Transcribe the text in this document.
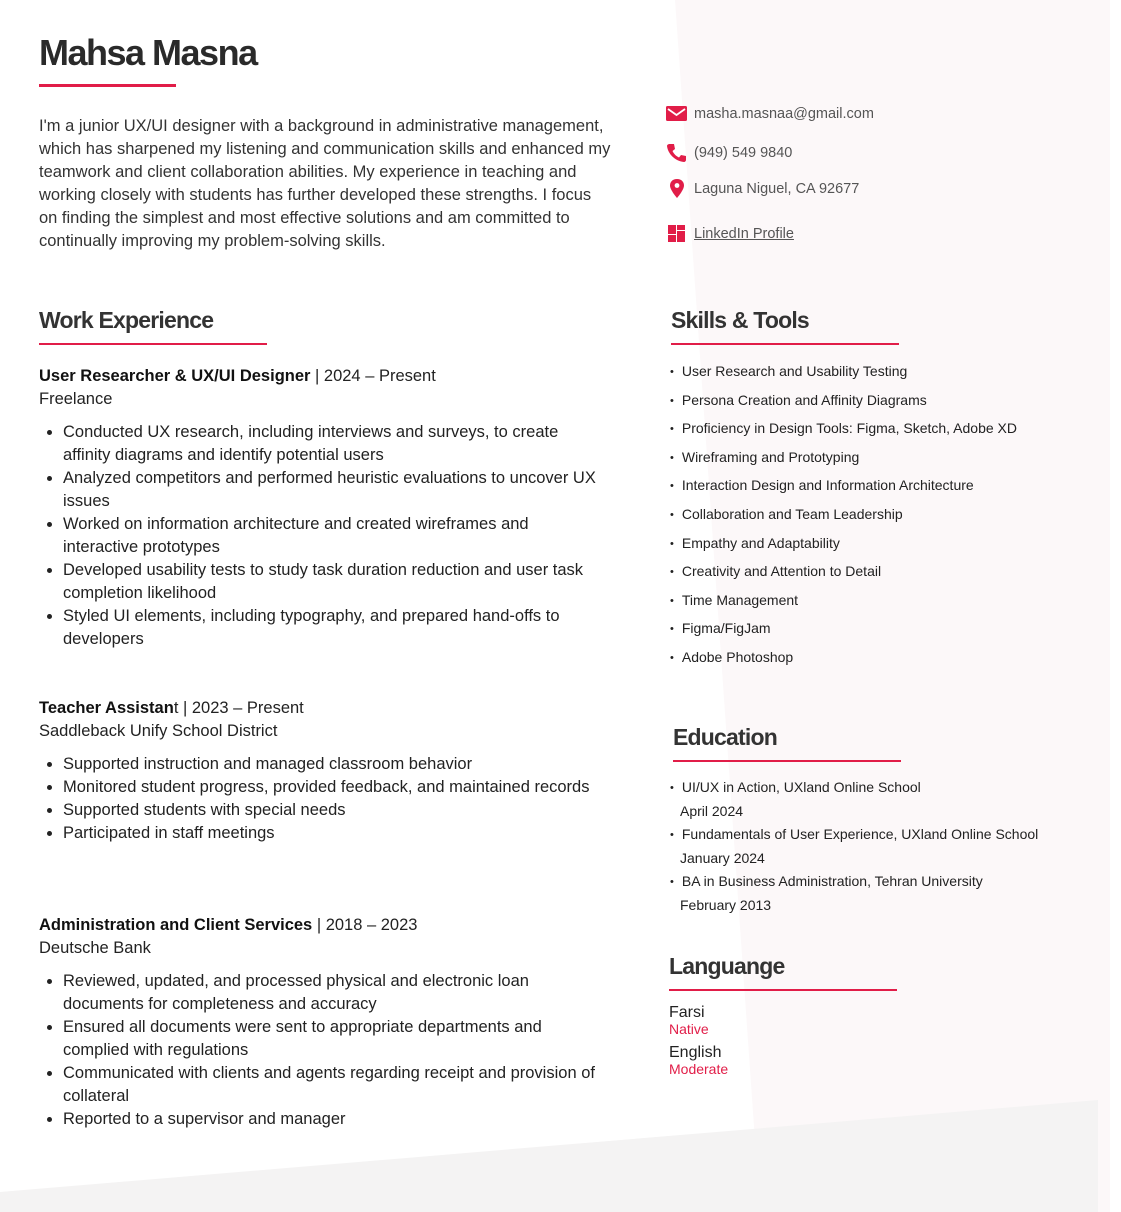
Mahsa Masna
I'm a junior UX/UI designer with a background in administrative management, which has sharpened my listening and communication skills and enhanced my teamwork and client collaboration abilities. My experience in teaching and working closely with students has further developed these strengths. I focus on finding the simplest and most effective solutions and am committed to continually improving my problem-solving skills.
masha.masnaa@gmail.com
(949) 549 9840
Laguna Niguel, CA 92677
LinkedIn Profile
Work Experience
User Researcher & UX/UI Designer | 2024 – Present
Freelance
• Conducted UX research, including interviews and surveys, to create affinity diagrams and identify potential users
• Analyzed competitors and performed heuristic evaluations to uncover UX issues
• Worked on information architecture and created wireframes and interactive prototypes
• Developed usability tests to study task duration reduction and user task completion likelihood
• Styled UI elements, including typography, and prepared hand-offs to developers
Teacher Assistant | 2023 – Present
Saddleback Unify School District
• Supported instruction and managed classroom behavior
• Monitored student progress, provided feedback, and maintained records
• Supported students with special needs
• Participated in staff meetings
Administration and Client Services | 2018 – 2023
Deutsche Bank
• Reviewed, updated, and processed physical and electronic loan documents for completeness and accuracy
• Ensured all documents were sent to appropriate departments and complied with regulations
• Communicated with clients and agents regarding receipt and provision of collateral
• Reported to a supervisor and manager
Skills & Tools
• User Research and Usability Testing
• Persona Creation and Affinity Diagrams
• Proficiency in Design Tools: Figma, Sketch, Adobe XD
• Wireframing and Prototyping
• Interaction Design and Information Architecture
• Collaboration and Team Leadership
• Empathy and Adaptability
• Creativity and Attention to Detail
• Time Management
• Figma/FigJam
• Adobe Photoshop
Education
• UI/UX in Action, UXland Online School
April 2024
• Fundamentals of User Experience, UXland Online School
January 2024
• BA in Business Administration, Tehran University
February 2013
Languange
Farsi
Native
English
Moderate
